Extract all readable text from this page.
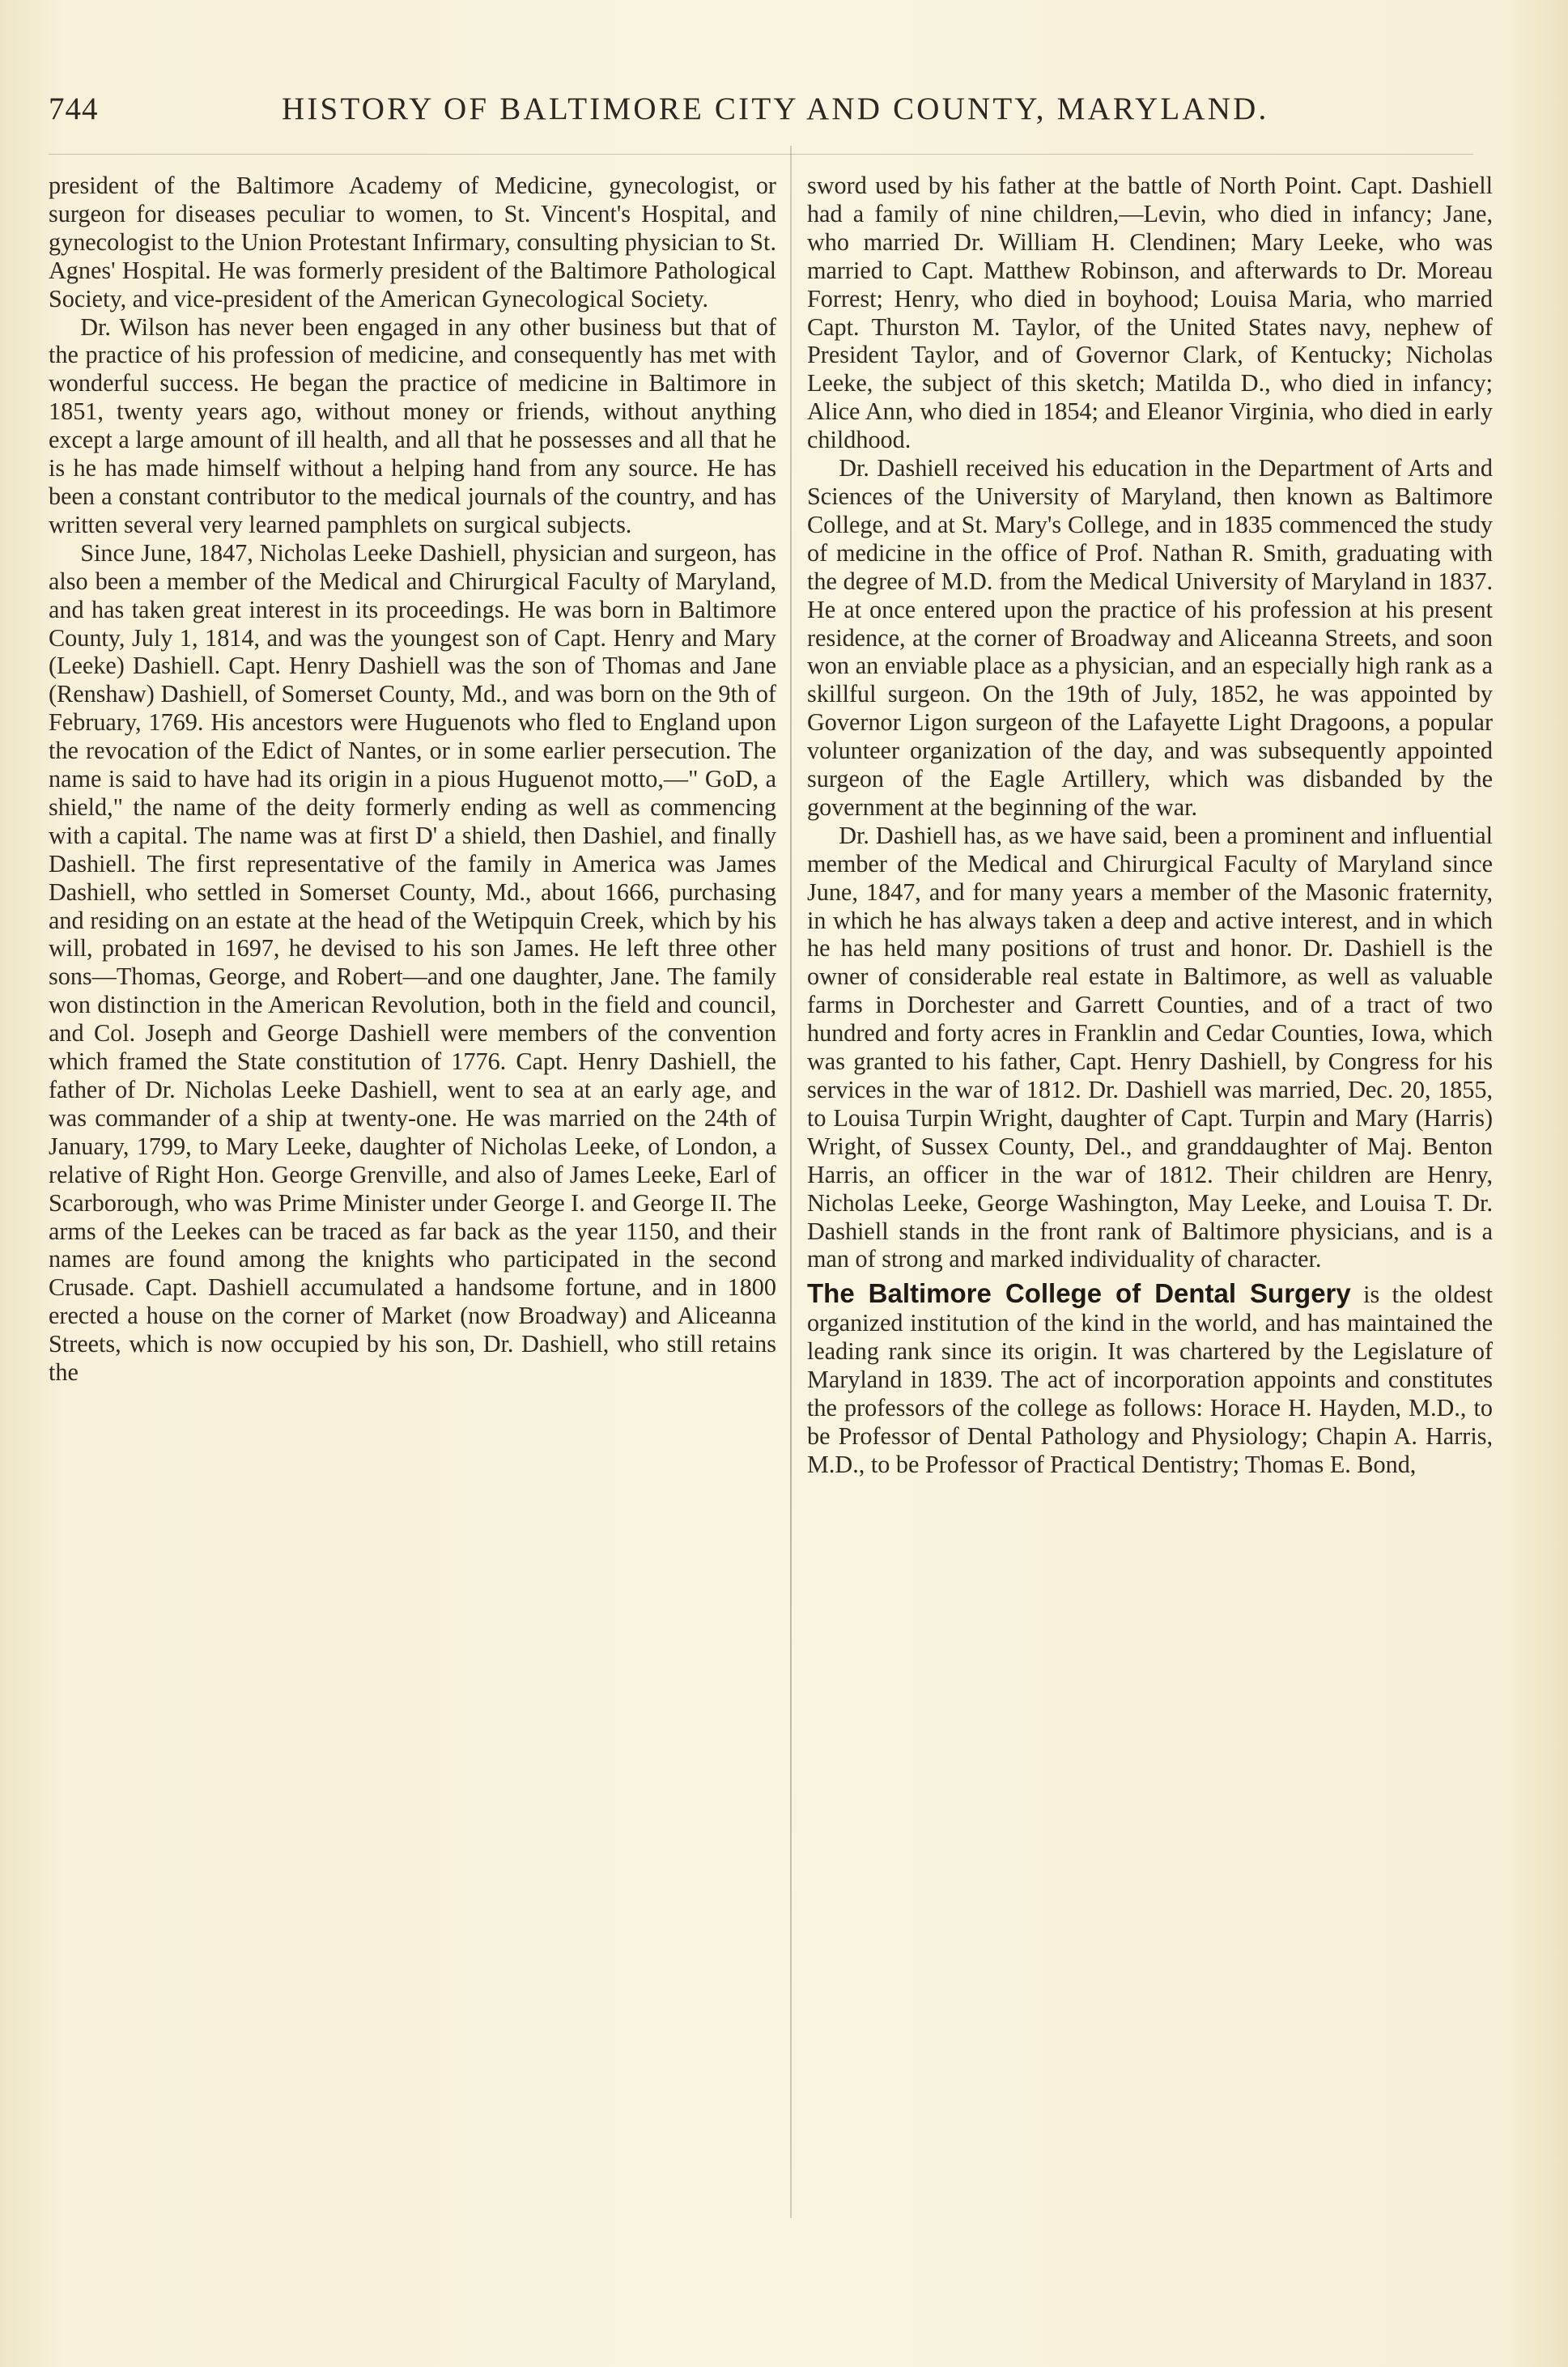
744	HISTORY OF BALTIMORE CITY AND COUNTY, MARYLAND.

president of the Baltimore Academy of Medicine, gynecologist, or surgeon for diseases peculiar to women, to St. Vincent's Hospital, and gynecologist to the Union Protestant Infirmary, consulting physician to St. Agnes' Hospital. He was formerly president of the Baltimore Pathological Society, and vice-president of the American Gynecological Society.

Dr. Wilson has never been engaged in any other business but that of the practice of his profession of medicine, and consequently has met with wonderful success. He began the practice of medicine in Baltimore in 1851, twenty years ago, without money or friends, without anything except a large amount of ill health, and all that he possesses and all that he is he has made himself without a helping hand from any source. He has been a constant contributor to the medical journals of the country, and has written several very learned pamphlets on surgical subjects.

Since June, 1847, Nicholas Leeke Dashiell, physician and surgeon, has also been a member of the Medical and Chirurgical Faculty of Maryland, and has taken great interest in its proceedings. He was born in Baltimore County, July 1, 1814, and was the youngest son of Capt. Henry and Mary (Leeke) Dashiell. Capt. Henry Dashiell was the son of Thomas and Jane (Renshaw) Dashiell, of Somerset County, Md., and was born on the 9th of February, 1769. His ancestors were Huguenots who fled to England upon the revocation of the Edict of Nantes, or in some earlier persecution. The name is said to have had its origin in a pious Huguenot motto,—" GoD, a shield," the name of the deity formerly ending as well as commencing with a capital. The name was at first D' a shield, then Dashiel, and finally Dashiell. The first representative of the family in America was James Dashiell, who settled in Somerset County, Md., about 1666, purchasing and residing on an estate at the head of the Wetipquin Creek, which by his will, probated in 1697, he devised to his son James. He left three other sons—Thomas, George, and Robert—and one daughter, Jane. The family won distinction in the American Revolution, both in the field and council, and Col. Joseph and George Dashiell were members of the convention which framed the State constitution of 1776. Capt. Henry Dashiell, the father of Dr. Nicholas Leeke Dashiell, went to sea at an early age, and was commander of a ship at twenty-one. He was married on the 24th of January, 1799, to Mary Leeke, daughter of Nicholas Leeke, of London, a relative of Right Hon. George Grenville, and also of James Leeke, Earl of Scarborough, who was Prime Minister under George I. and George II. The arms of the Leekes can be traced as far back as the year 1150, and their names are found among the knights who participated in the second Crusade. Capt. Dashiell accumulated a handsome fortune, and in 1800 erected a house on the corner of Market (now Broadway) and Aliceanna Streets, which is now occupied by his son, Dr. Dashiell, who still retains the

sword used by his father at the battle of North Point. Capt. Dashiell had a family of nine children,—Levin, who died in infancy; Jane, who married Dr. William H. Clendinen; Mary Leeke, who was married to Capt. Matthew Robinson, and afterwards to Dr. Moreau Forrest; Henry, who died in boyhood; Louisa Maria, who married Capt. Thurston M. Taylor, of the United States navy, nephew of President Taylor, and of Governor Clark, of Kentucky; Nicholas Leeke, the subject of this sketch; Matilda D., who died in infancy; Alice Ann, who died in 1854; and Eleanor Virginia, who died in early childhood.

Dr. Dashiell received his education in the Department of Arts and Sciences of the University of Maryland, then known as Baltimore College, and at St. Mary's College, and in 1835 commenced the study of medicine in the office of Prof. Nathan R. Smith, graduating with the degree of M.D. from the Medical University of Maryland in 1837. He at once entered upon the practice of his profession at his present residence, at the corner of Broadway and Aliceanna Streets, and soon won an enviable place as a physician, and an especially high rank as a skillful surgeon. On the 19th of July, 1852, he was appointed by Governor Ligon surgeon of the Lafayette Light Dragoons, a popular volunteer organization of the day, and was subsequently appointed surgeon of the Eagle Artillery, which was disbanded by the government at the beginning of the war.

Dr. Dashiell has, as we have said, been a prominent and influential member of the Medical and Chirurgical Faculty of Maryland since June, 1847, and for many years a member of the Masonic fraternity, in which he has always taken a deep and active interest, and in which he has held many positions of trust and honor. Dr. Dashiell is the owner of considerable real estate in Baltimore, as well as valuable farms in Dorchester and Garrett Counties, and of a tract of two hundred and forty acres in Franklin and Cedar Counties, Iowa, which was granted to his father, Capt. Henry Dashiell, by Congress for his services in the war of 1812. Dr. Dashiell was married, Dec. 20, 1855, to Louisa Turpin Wright, daughter of Capt. Turpin and Mary (Harris) Wright, of Sussex County, Del., and granddaughter of Maj. Benton Harris, an officer in the war of 1812. Their children are Henry, Nicholas Leeke, George Washington, May Leeke, and Louisa T. Dr. Dashiell stands in the front rank of Baltimore physicians, and is a man of strong and marked individuality of character.

The Baltimore College of Dental Surgery is the oldest organized institution of the kind in the world, and has maintained the leading rank since its origin. It was chartered by the Legislature of Maryland in 1839. The act of incorporation appoints and constitutes the professors of the college as follows: Horace H. Hayden, M.D., to be Professor of Dental Pathology and Physiology; Chapin A. Harris, M.D., to be Professor of Practical Dentistry; Thomas E. Bond,
